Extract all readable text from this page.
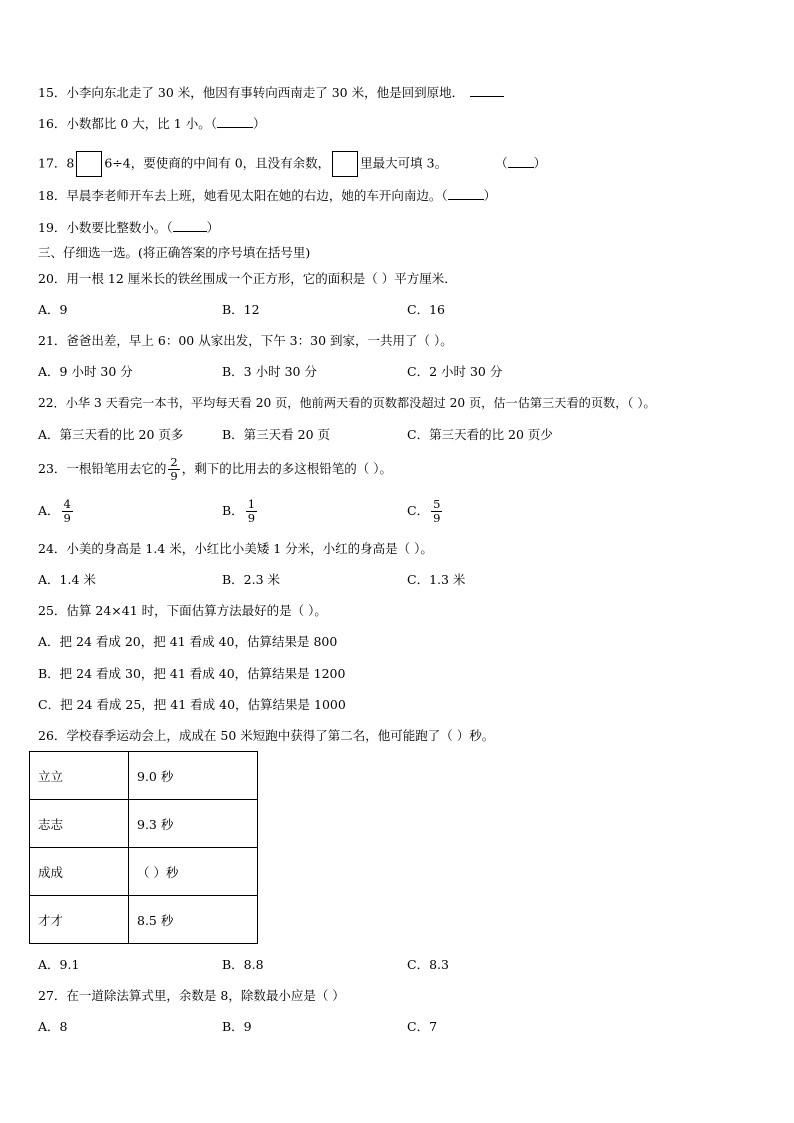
15．小李向东北走了 30 米，他因有事转向西南走了 30 米，他是回到原地．
16．小数都比 0 大，比 1 小。（	）
17．8 6÷4，要使商的中间有 0，且没有余数， 里最大可填 3。	（ ）
18．早晨李老师开车去上班，她看见太阳在她的右边，她的车开向南边。（	）
19．小数要比整数小。（	）
三、仔细选一选。(将正确答案的序号填在括号里)
20．用一根 12 厘米长的铁丝围成一个正方形，它的面积是（ ）平方厘米．
A．9	B．12	C．16
21．爸爸出差，早上 6：00 从家出发，下午 3：30 到家，一共用了（ ）。
A．9 小时 30 分	B．3 小时 30 分	C．2 小时 30 分
22．小华 3 天看完一本书，平均每天看 20 页，他前两天看的页数都没超过 20 页，估一估第三天看的页数，（ ）。
A．第三天看的比 20 页多	B．第三天看 20 页	C．第三天看的比 20 页少
23．一根铅笔用去它的 $\frac{2}{9}$ ，剩下的比用去的多这根铅笔的（ ）。
A． $\frac{4}{9}$	B． $\frac{1}{9}$	C． $\frac{5}{9}$
24．小美的身高是 1.4 米，小红比小美矮 1 分米，小红的身高是（ ）。
A．1.4 米	B．2.3 米	C．1.3 米
25．估算 24×41 时，下面估算方法最好的是（ ）。
A．把 24 看成 20，把 41 看成 40，估算结果是 800
B．把 24 看成 30，把 41 看成 40，估算结果是 1200
C．把 24 看成 25，把 41 看成 40，估算结果是 1000
26．学校春季运动会上，成成在 50 米短跑中获得了第二名，他可能跑了（ ）秒。
立立	9.0 秒
志志	9.3 秒
成成	（ ）秒
才才	8.5 秒
A．9.1	B．8.8	C．8.3
27．在一道除法算式里，余数是 8，除数最小应是（ ）
A．8	B．9	C．7
